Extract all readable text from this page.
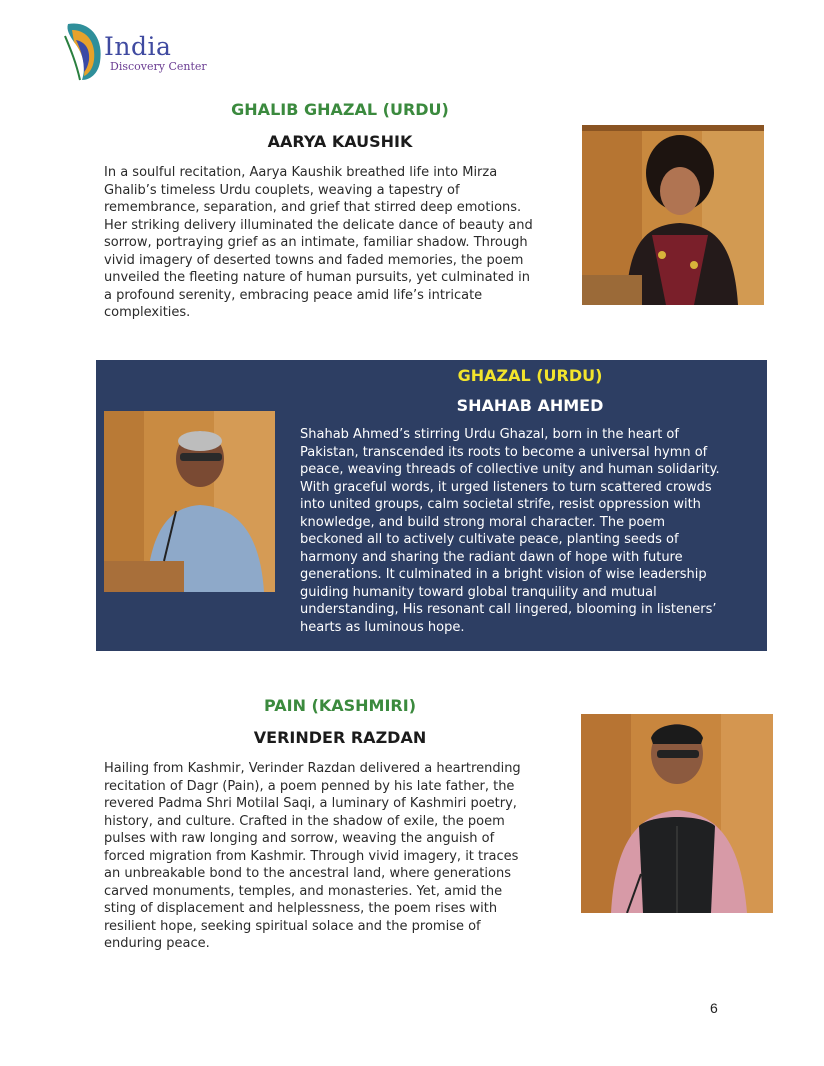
India
Discovery Center
GHALIB GHAZAL (URDU)
AARYA KAUSHIK
In a soulful recitation, Aarya Kaushik breathed life into Mirza
Ghalib’s timeless Urdu couplets, weaving a tapestry of
remembrance, separation, and grief that stirred deep emotions.
Her striking delivery illuminated the delicate dance of beauty and
sorrow, portraying grief as an intimate, familiar shadow. Through
vivid imagery of deserted towns and faded memories, the poem
unveiled the fleeting nature of human pursuits, yet culminated in
a profound serenity, embracing peace amid life’s intricate
complexities.
GHAZAL (URDU)
SHAHAB AHMED
Shahab Ahmed’s stirring Urdu Ghazal, born in the heart of
Pakistan, transcended its roots to become a universal hymn of
peace, weaving threads of collective unity and human solidarity.
With graceful words, it urged listeners to turn scattered crowds
into united groups, calm societal strife, resist oppression with
knowledge, and build strong moral character. The poem
beckoned all to actively cultivate peace, planting seeds of
harmony and sharing the radiant dawn of hope with future
generations. It culminated in a bright vision of wise leadership
guiding humanity toward global tranquility and mutual
understanding, His resonant call lingered, blooming in listeners’
hearts as luminous hope.
PAIN (KASHMIRI)
VERINDER RAZDAN
Hailing from Kashmir, Verinder Razdan delivered a heartrending
recitation of Dagr (Pain), a poem penned by his late father, the
revered Padma Shri Motilal Saqi, a luminary of Kashmiri poetry,
history, and culture. Crafted in the shadow of exile, the poem
pulses with raw longing and sorrow, weaving the anguish of
forced migration from Kashmir. Through vivid imagery, it traces
an unbreakable bond to the ancestral land, where generations
carved monuments, temples, and monasteries. Yet, amid the
sting of displacement and helplessness, the poem rises with
resilient hope, seeking spiritual solace and the promise of
enduring peace.
6
